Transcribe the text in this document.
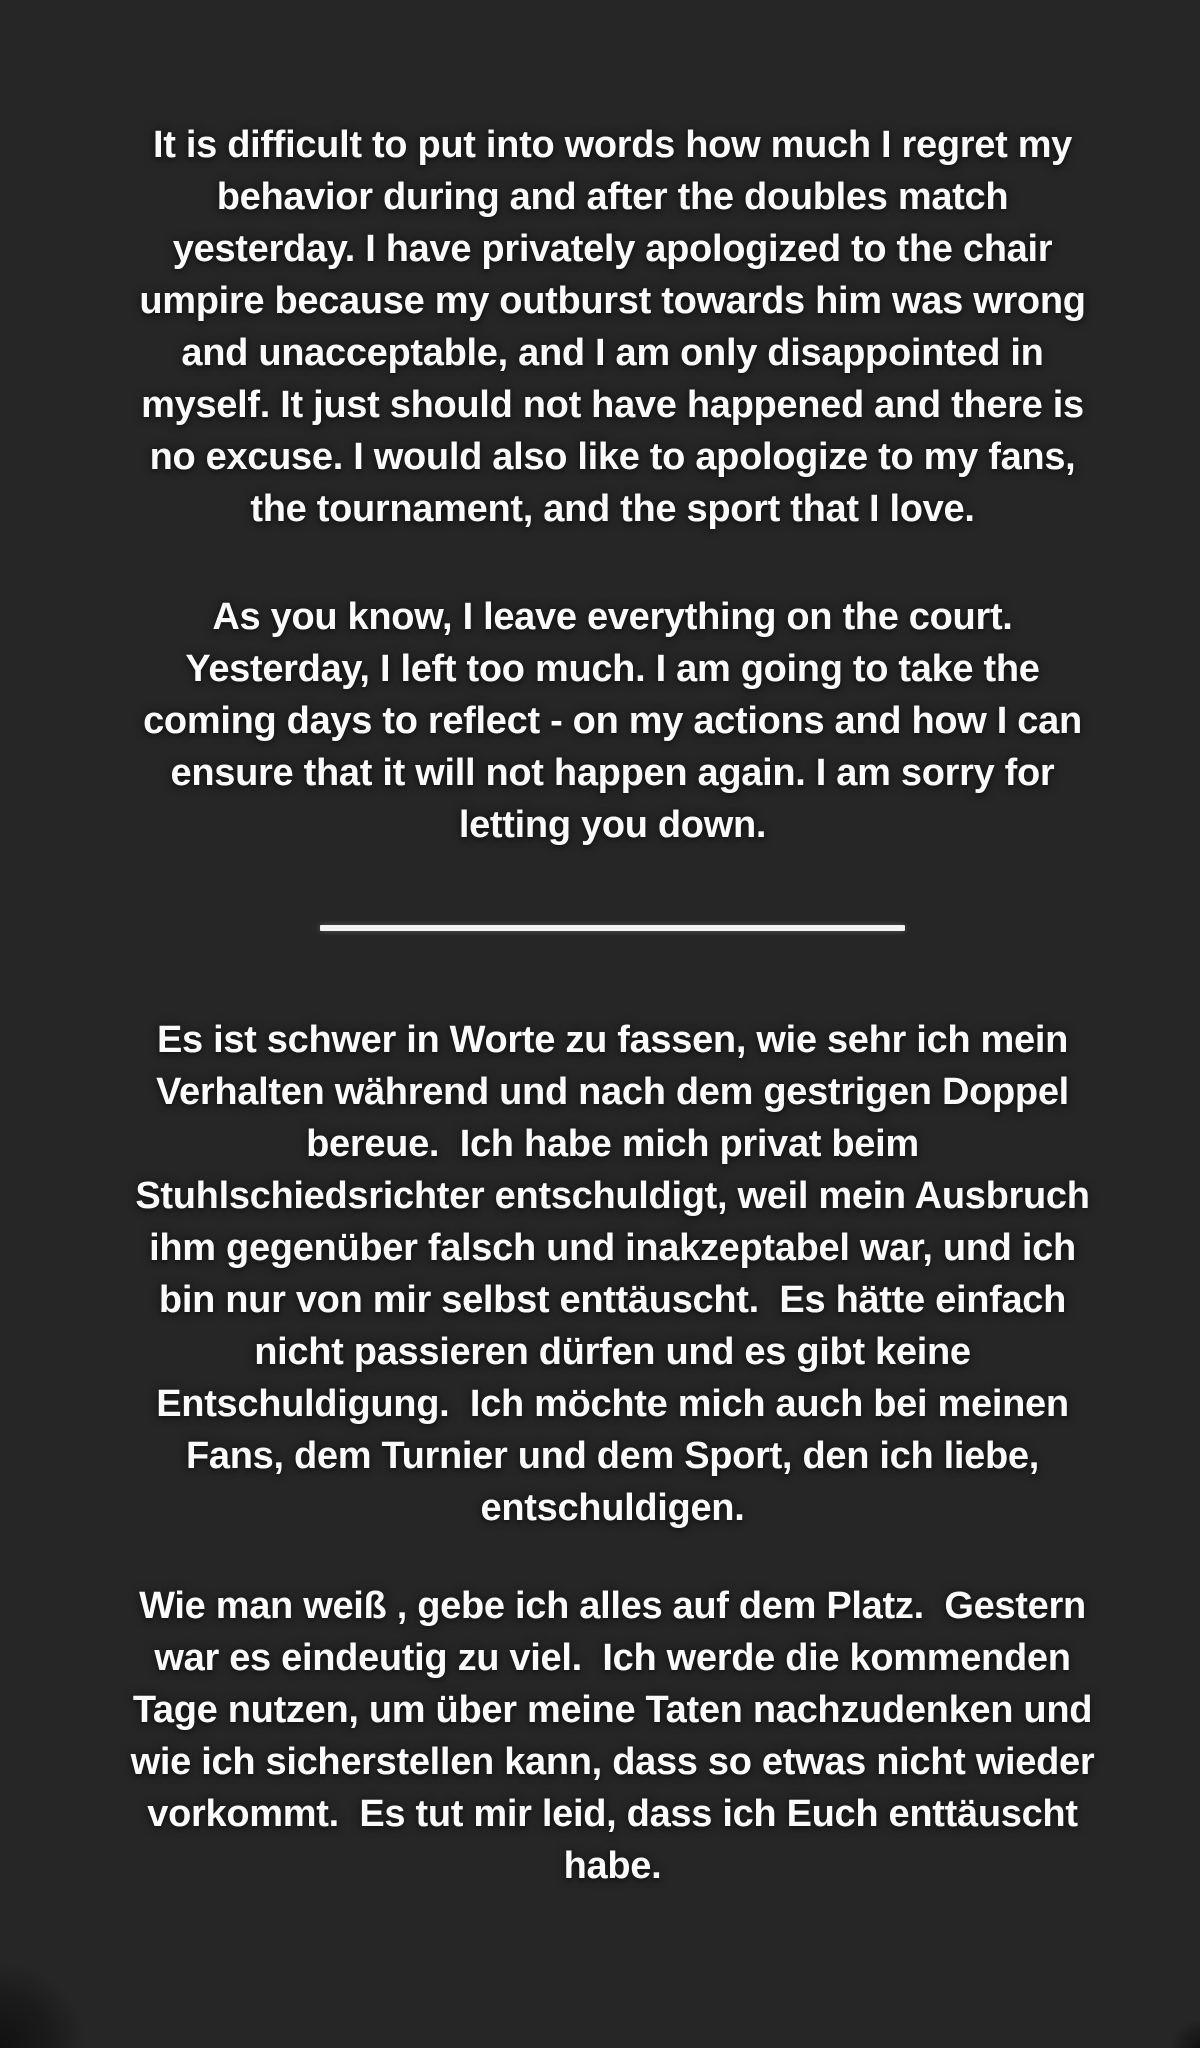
It is difficult to put into words how much I regret my
behavior during and after the doubles match
yesterday. I have privately apologized to the chair
umpire because my outburst towards him was wrong
and unacceptable, and I am only disappointed in
myself. It just should not have happened and there is
no excuse. I would also like to apologize to my fans,
the tournament, and the sport that I love.
As you know, I leave everything on the court.
Yesterday, I left too much. I am going to take the
coming days to reflect - on my actions and how I can
ensure that it will not happen again. I am sorry for
letting you down.
Es ist schwer in Worte zu fassen, wie sehr ich mein
Verhalten während und nach dem gestrigen Doppel
bereue.  Ich habe mich privat beim
Stuhlschiedsrichter entschuldigt, weil mein Ausbruch
ihm gegenüber falsch und inakzeptabel war, und ich
bin nur von mir selbst enttäuscht.  Es hätte einfach
nicht passieren dürfen und es gibt keine
Entschuldigung.  Ich möchte mich auch bei meinen
Fans, dem Turnier und dem Sport, den ich liebe,
entschuldigen.
Wie man weiß , gebe ich alles auf dem Platz.  Gestern
war es eindeutig zu viel.  Ich werde die kommenden
Tage nutzen, um über meine Taten nachzudenken und
wie ich sicherstellen kann, dass so etwas nicht wieder
vorkommt.  Es tut mir leid, dass ich Euch enttäuscht
habe.
